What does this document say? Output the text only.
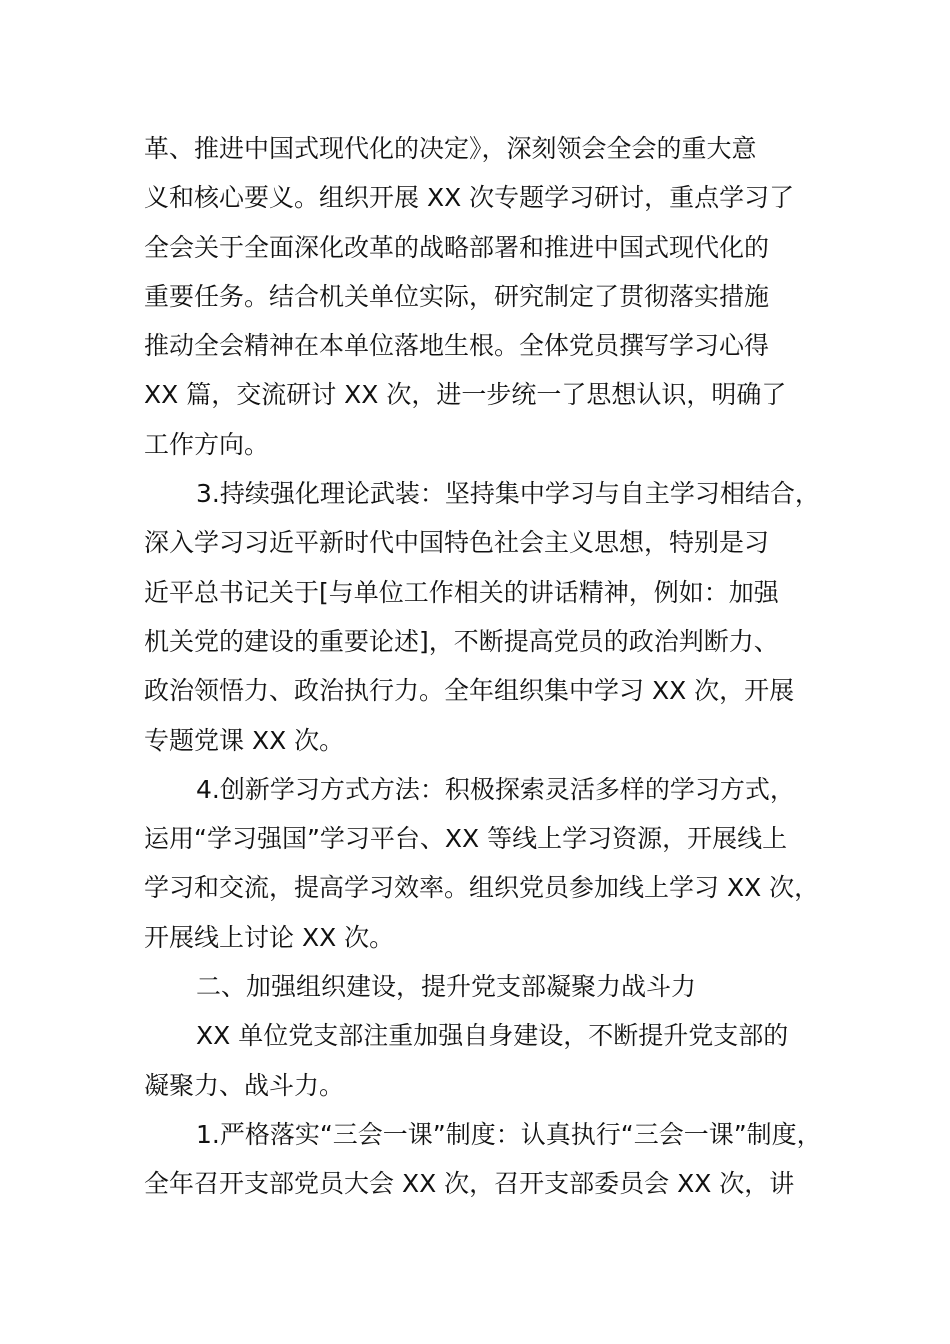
革、推进中国式现代化的决定》，深刻领会全会的重大意
义和核心要义。组织开展 XX 次专题学习研讨，重点学习了
全会关于全面深化改革的战略部署和推进中国式现代化的
重要任务。结合机关单位实际，研究制定了贯彻落实措施
推动全会精神在本单位落地生根。全体党员撰写学习心得
XX 篇，交流研讨 XX 次，进一步统一了思想认识，明确了
工作方向。
3.持续强化理论武装：坚持集中学习与自主学习相结合，
深入学习习近平新时代中国特色社会主义思想，特别是习
近平总书记关于[与单位工作相关的讲话精神，例如：加强
机关党的建设的重要论述]，不断提高党员的政治判断力、
政治领悟力、政治执行力。全年组织集中学习 XX 次，开展
专题党课 XX 次。
4.创新学习方式方法：积极探索灵活多样的学习方式，
运用“学习强国”学习平台、XX 等线上学习资源，开展线上
学习和交流，提高学习效率。组织党员参加线上学习 XX 次，
开展线上讨论 XX 次。
二、加强组织建设，提升党支部凝聚力战斗力
XX 单位党支部注重加强自身建设，不断提升党支部的
凝聚力、战斗力。
1.严格落实“三会一课”制度：认真执行“三会一课”制度，
全年召开支部党员大会 XX 次，召开支部委员会 XX 次，讲
